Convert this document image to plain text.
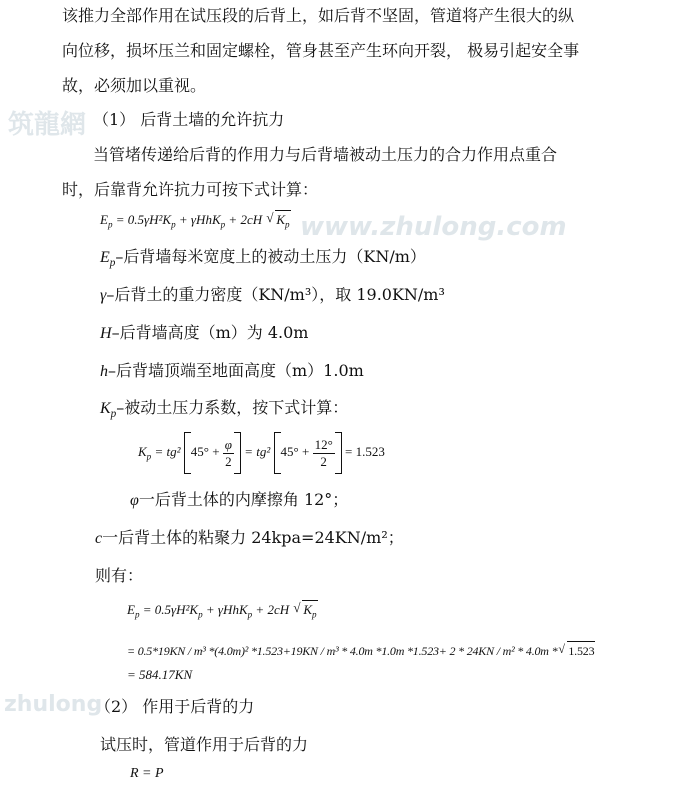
筑龍網
www.zhulong.com
zhulong
该推力全部作用在试压段的后背上，如后背不坚固，管道将产生很大的纵
向位移，损坏压兰和固定螺栓，管身甚至产生环向开裂， 极易引起安全事
故，必须加以重视。
（1） 后背土墙的允许抗力
当管堵传递给后背的作用力与后背墙被动土压力的合力作用点重合
时，后靠背允许抗力可按下式计算：
$E_p = 0.5\gamma H^2K_p + \gamma HhK_p + 2cH$ √ $K_p$
$E_p-$后背墙每米宽度上的被动土压力（KN/m）
γ–后背土的重力密度（KN/m³），取 19.0KN/m³
H–后背墙高度（m）为 4.0m
h–后背墙顶端至地面高度（m）1.0m
$K_p-$被动土压力系数，按下式计算：
$K_p = tg^2$ $45^\circ + \frac{\varphi}{2} = tg^2$ $45^\circ + \frac{12^\circ}{2} = 1.523$
φ一后背土体的内摩擦角 12°；
c一后背土体的粘聚力 24kpa=24KN/m²；
则有：
$E_p = 0.5\gamma H^2K_p + \gamma HhK_p + 2cH$ √ $K_p$
= 0.5*19KN / m³ *(4.0m)² *1.523+19KN / m³ * 4.0m *1.0m *1.523+ 2 * 24KN / m² * 4.0m * √ 1.523
= 584.17KN
（2） 作用于后背的力
试压时，管道作用于后背的力
R = P
